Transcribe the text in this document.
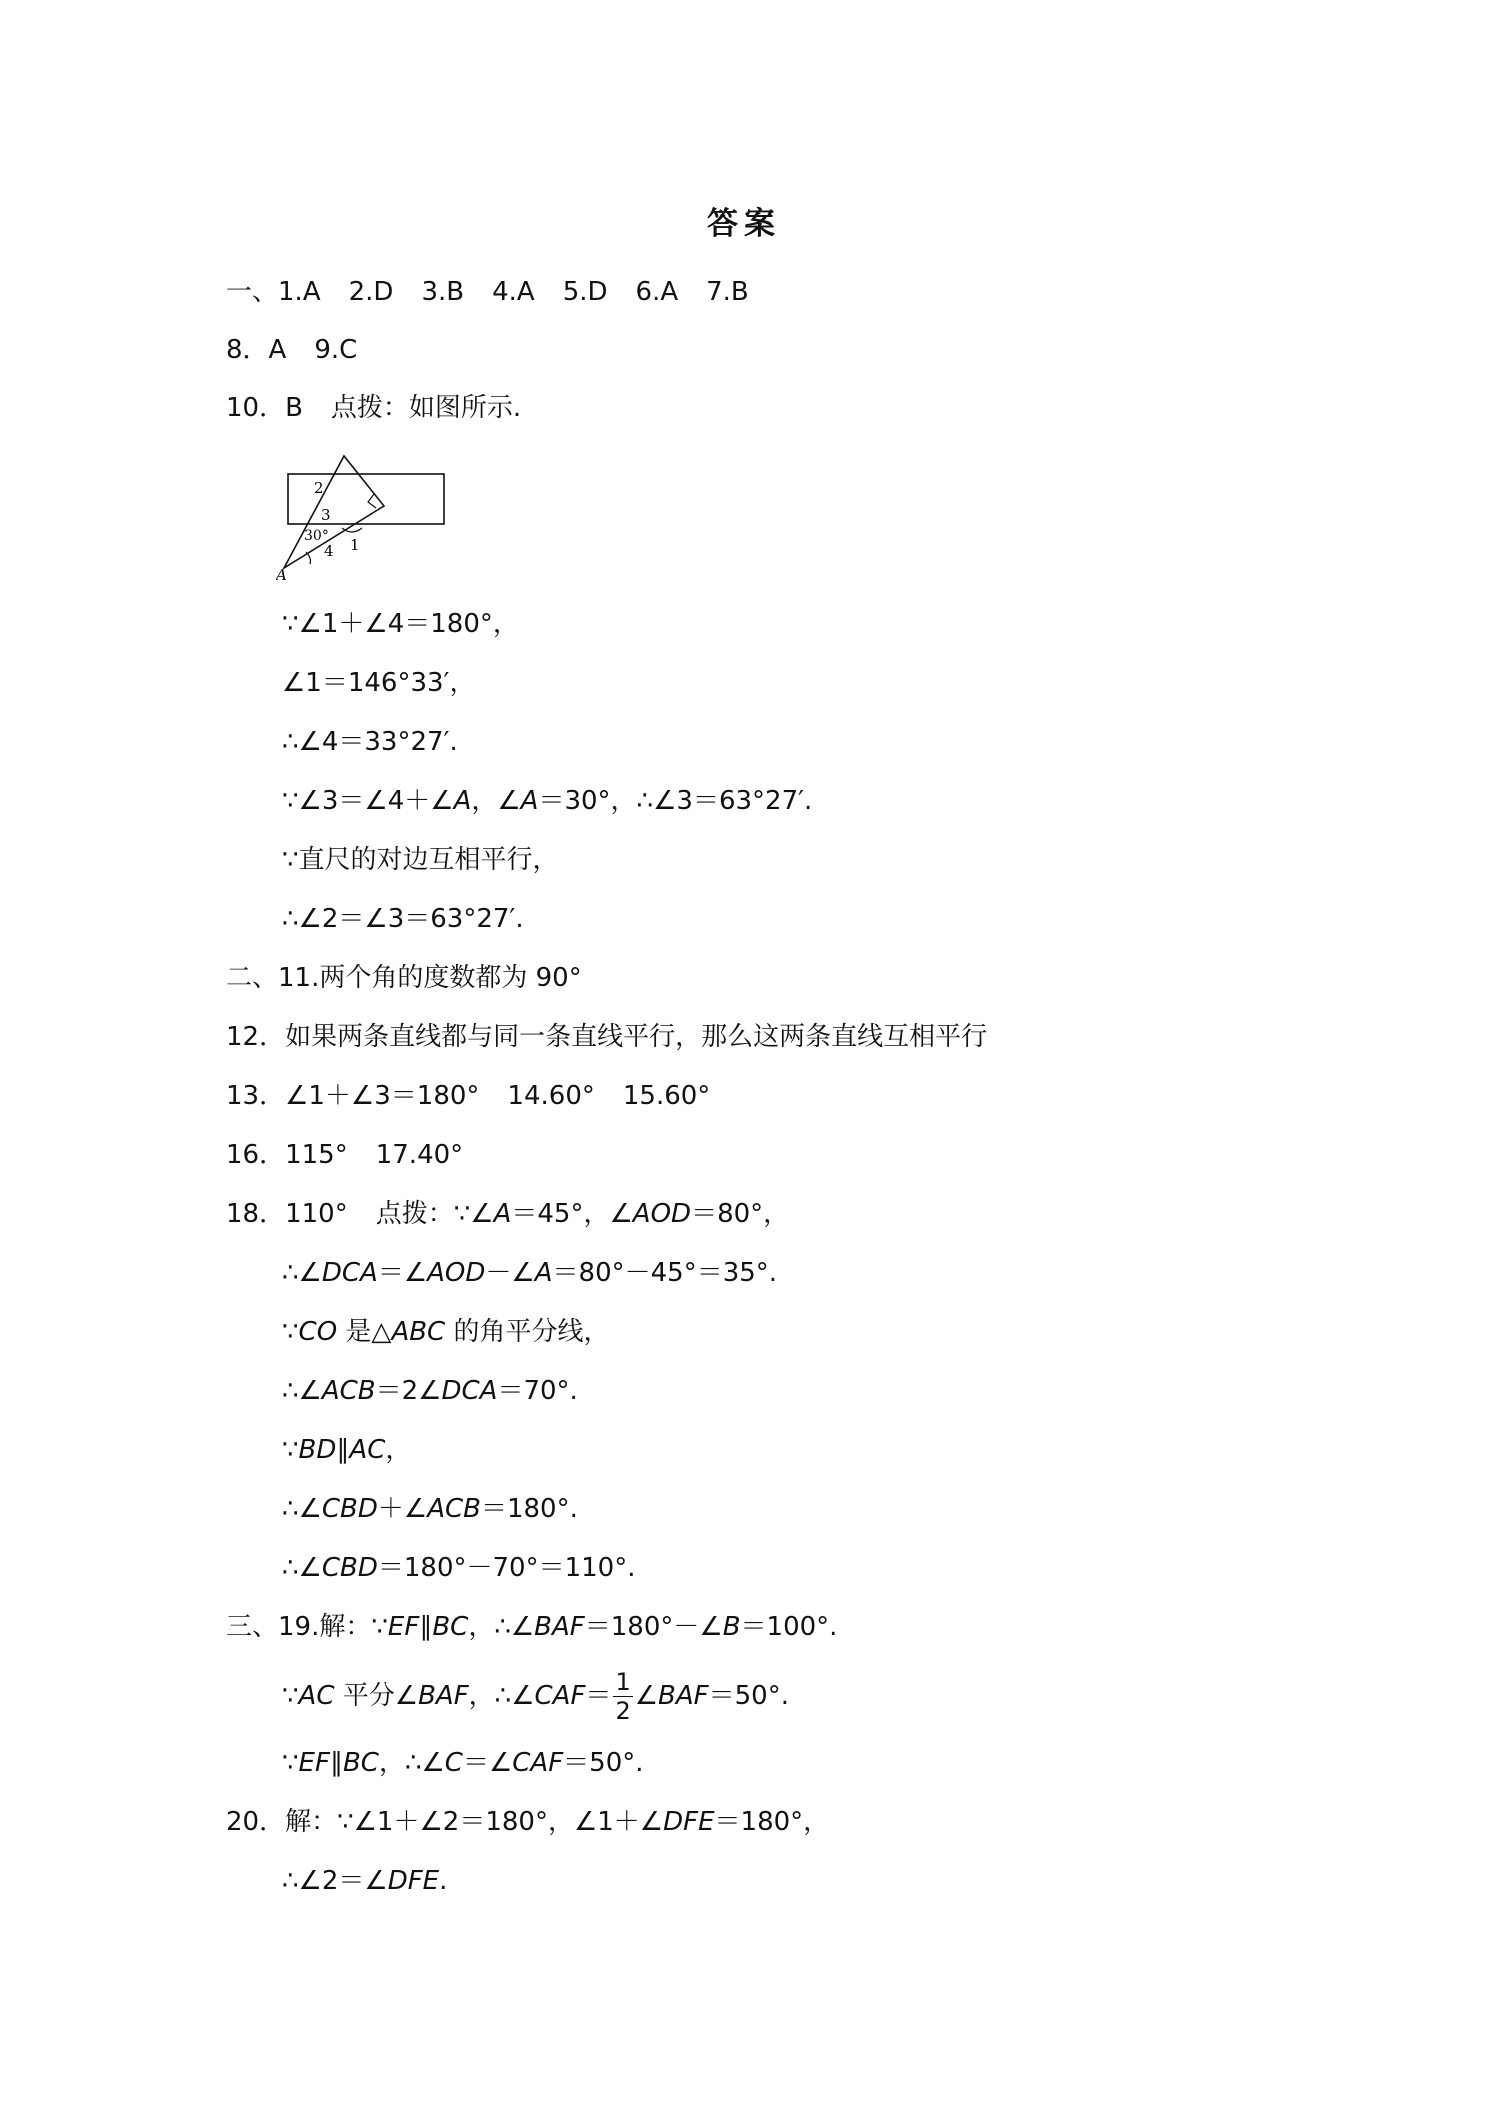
答案
一、1.A 2.D 3.B 4.A 5.D 6.A 7.B
8．A 9.C
10．B 点拨：如图所示.
2
3
30°
4 1
A
∵∠1＋∠4＝180°，
∠1＝146°33′，
∴∠4＝33°27′.
∵∠3＝∠4＋∠A，∠A＝30°，∴∠3＝63°27′.
∵直尺的对边互相平行，
∴∠2＝∠3＝63°27′.
二、11.两个角的度数都为 90°
12．如果两条直线都与同一条直线平行，那么这两条直线互相平行
13．∠1＋∠3＝180° 14.60° 15.60°
16．115° 17.40°
18．110° 点拨：∵∠A＝45°，∠AOD＝80°，
∴∠DCA＝∠AOD－∠A＝80°－45°＝35°.
∵CO 是△ABC 的角平分线，
∴∠ACB＝2∠DCA＝70°.
∵BD∥AC，
∴∠CBD＋∠ACB＝180°.
∴∠CBD＝180°－70°＝110°.
三、19.解：∵EF∥BC，∴∠BAF＝180°－∠B＝100°.
∵AC 平分∠BAF，∴∠CAF＝ $\frac{1}{2}$ ∠BAF＝50°.
∵EF∥BC，∴∠C＝∠CAF＝50°.
20．解：∵∠1＋∠2＝180°，∠1＋∠DFE＝180°，
∴∠2＝∠DFE.
